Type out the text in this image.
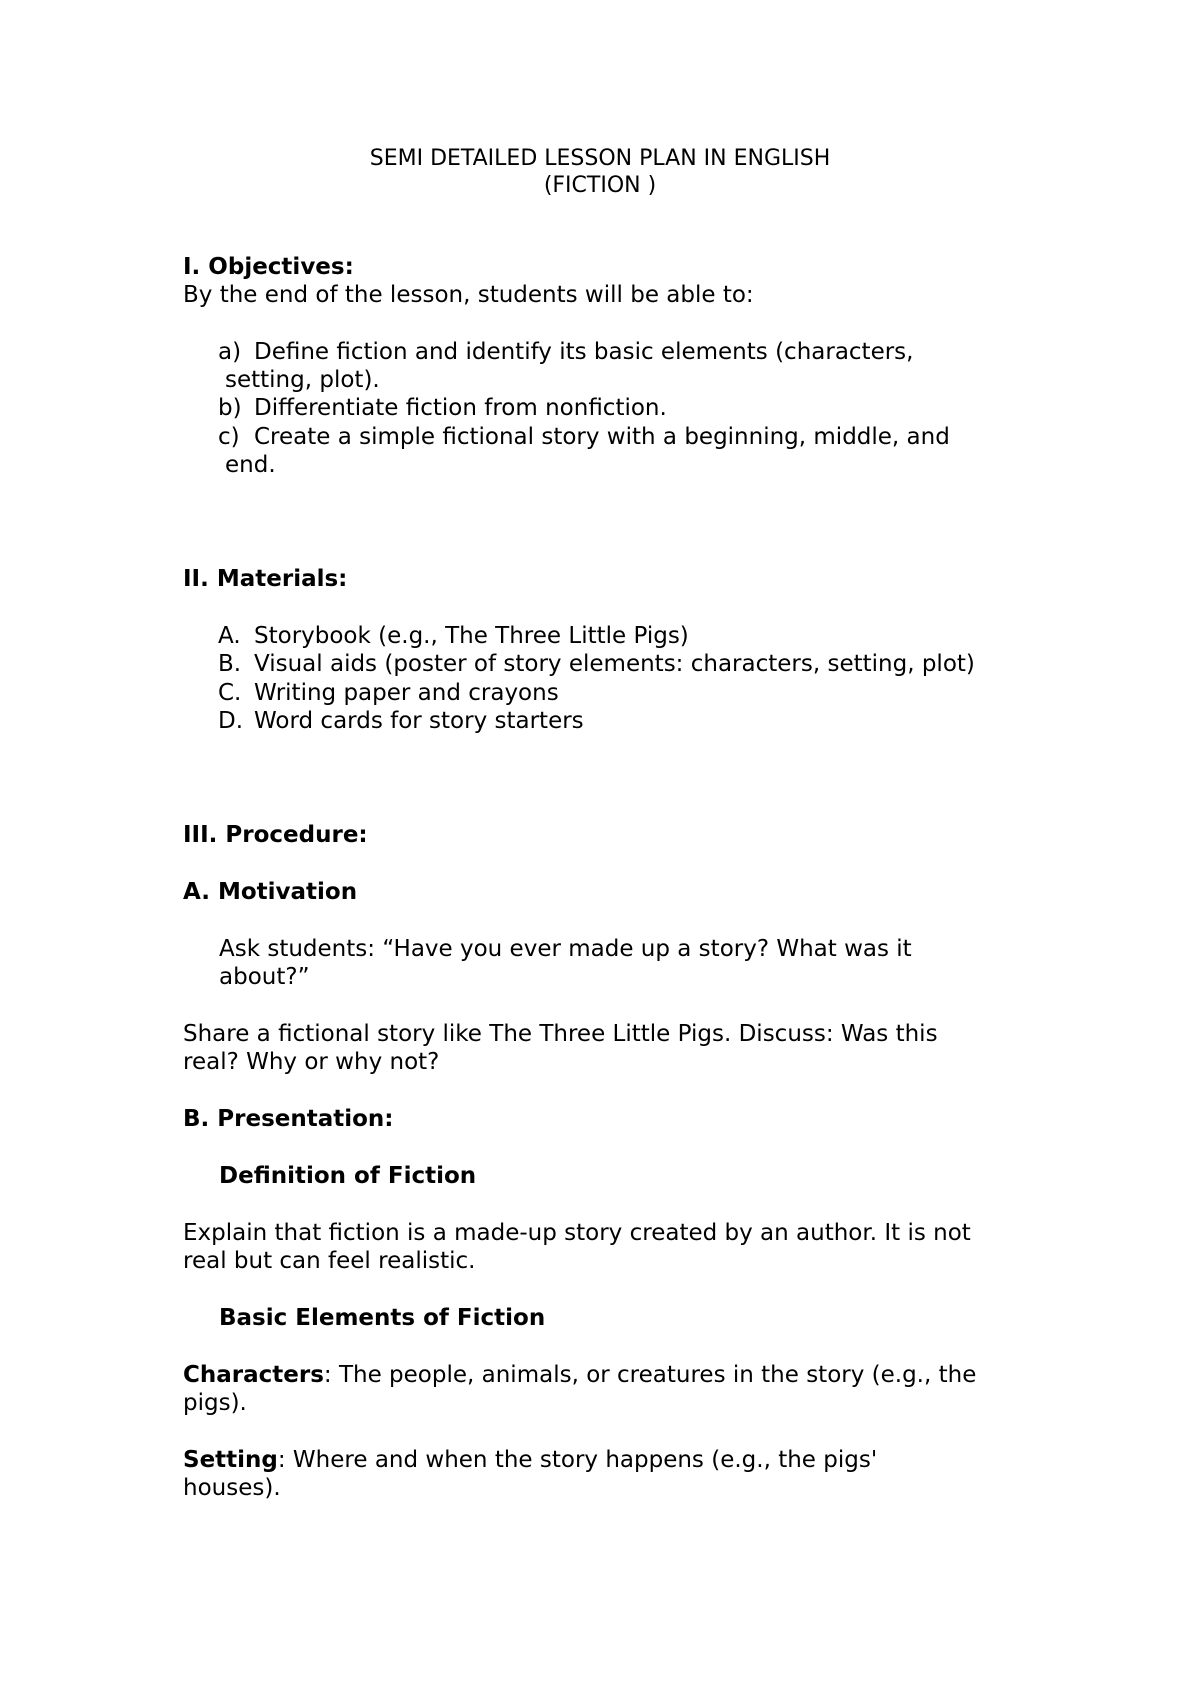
SEMI DETAILED LESSON PLAN IN ENGLISH
(FICTION )
I. Objectives:
By the end of the lesson, students will be able to:
a) Define fiction and identify its basic elements (characters,
setting, plot).
b) Differentiate fiction from nonfiction.
c) Create a simple fictional story with a beginning, middle, and
end.
II. Materials:
A. Storybook (e.g., The Three Little Pigs)
B. Visual aids (poster of story elements: characters, setting, plot)
C. Writing paper and crayons
D. Word cards for story starters
III. Procedure:
A. Motivation
Ask students: “Have you ever made up a story? What was it
about?”
Share a fictional story like The Three Little Pigs. Discuss: Was this
real? Why or why not?
B. Presentation:
Definition of Fiction
Explain that fiction is a made-up story created by an author. It is not
real but can feel realistic.
Basic Elements of Fiction
Characters: The people, animals, or creatures in the story (e.g., the
pigs).
Setting: Where and when the story happens (e.g., the pigs'
houses).
